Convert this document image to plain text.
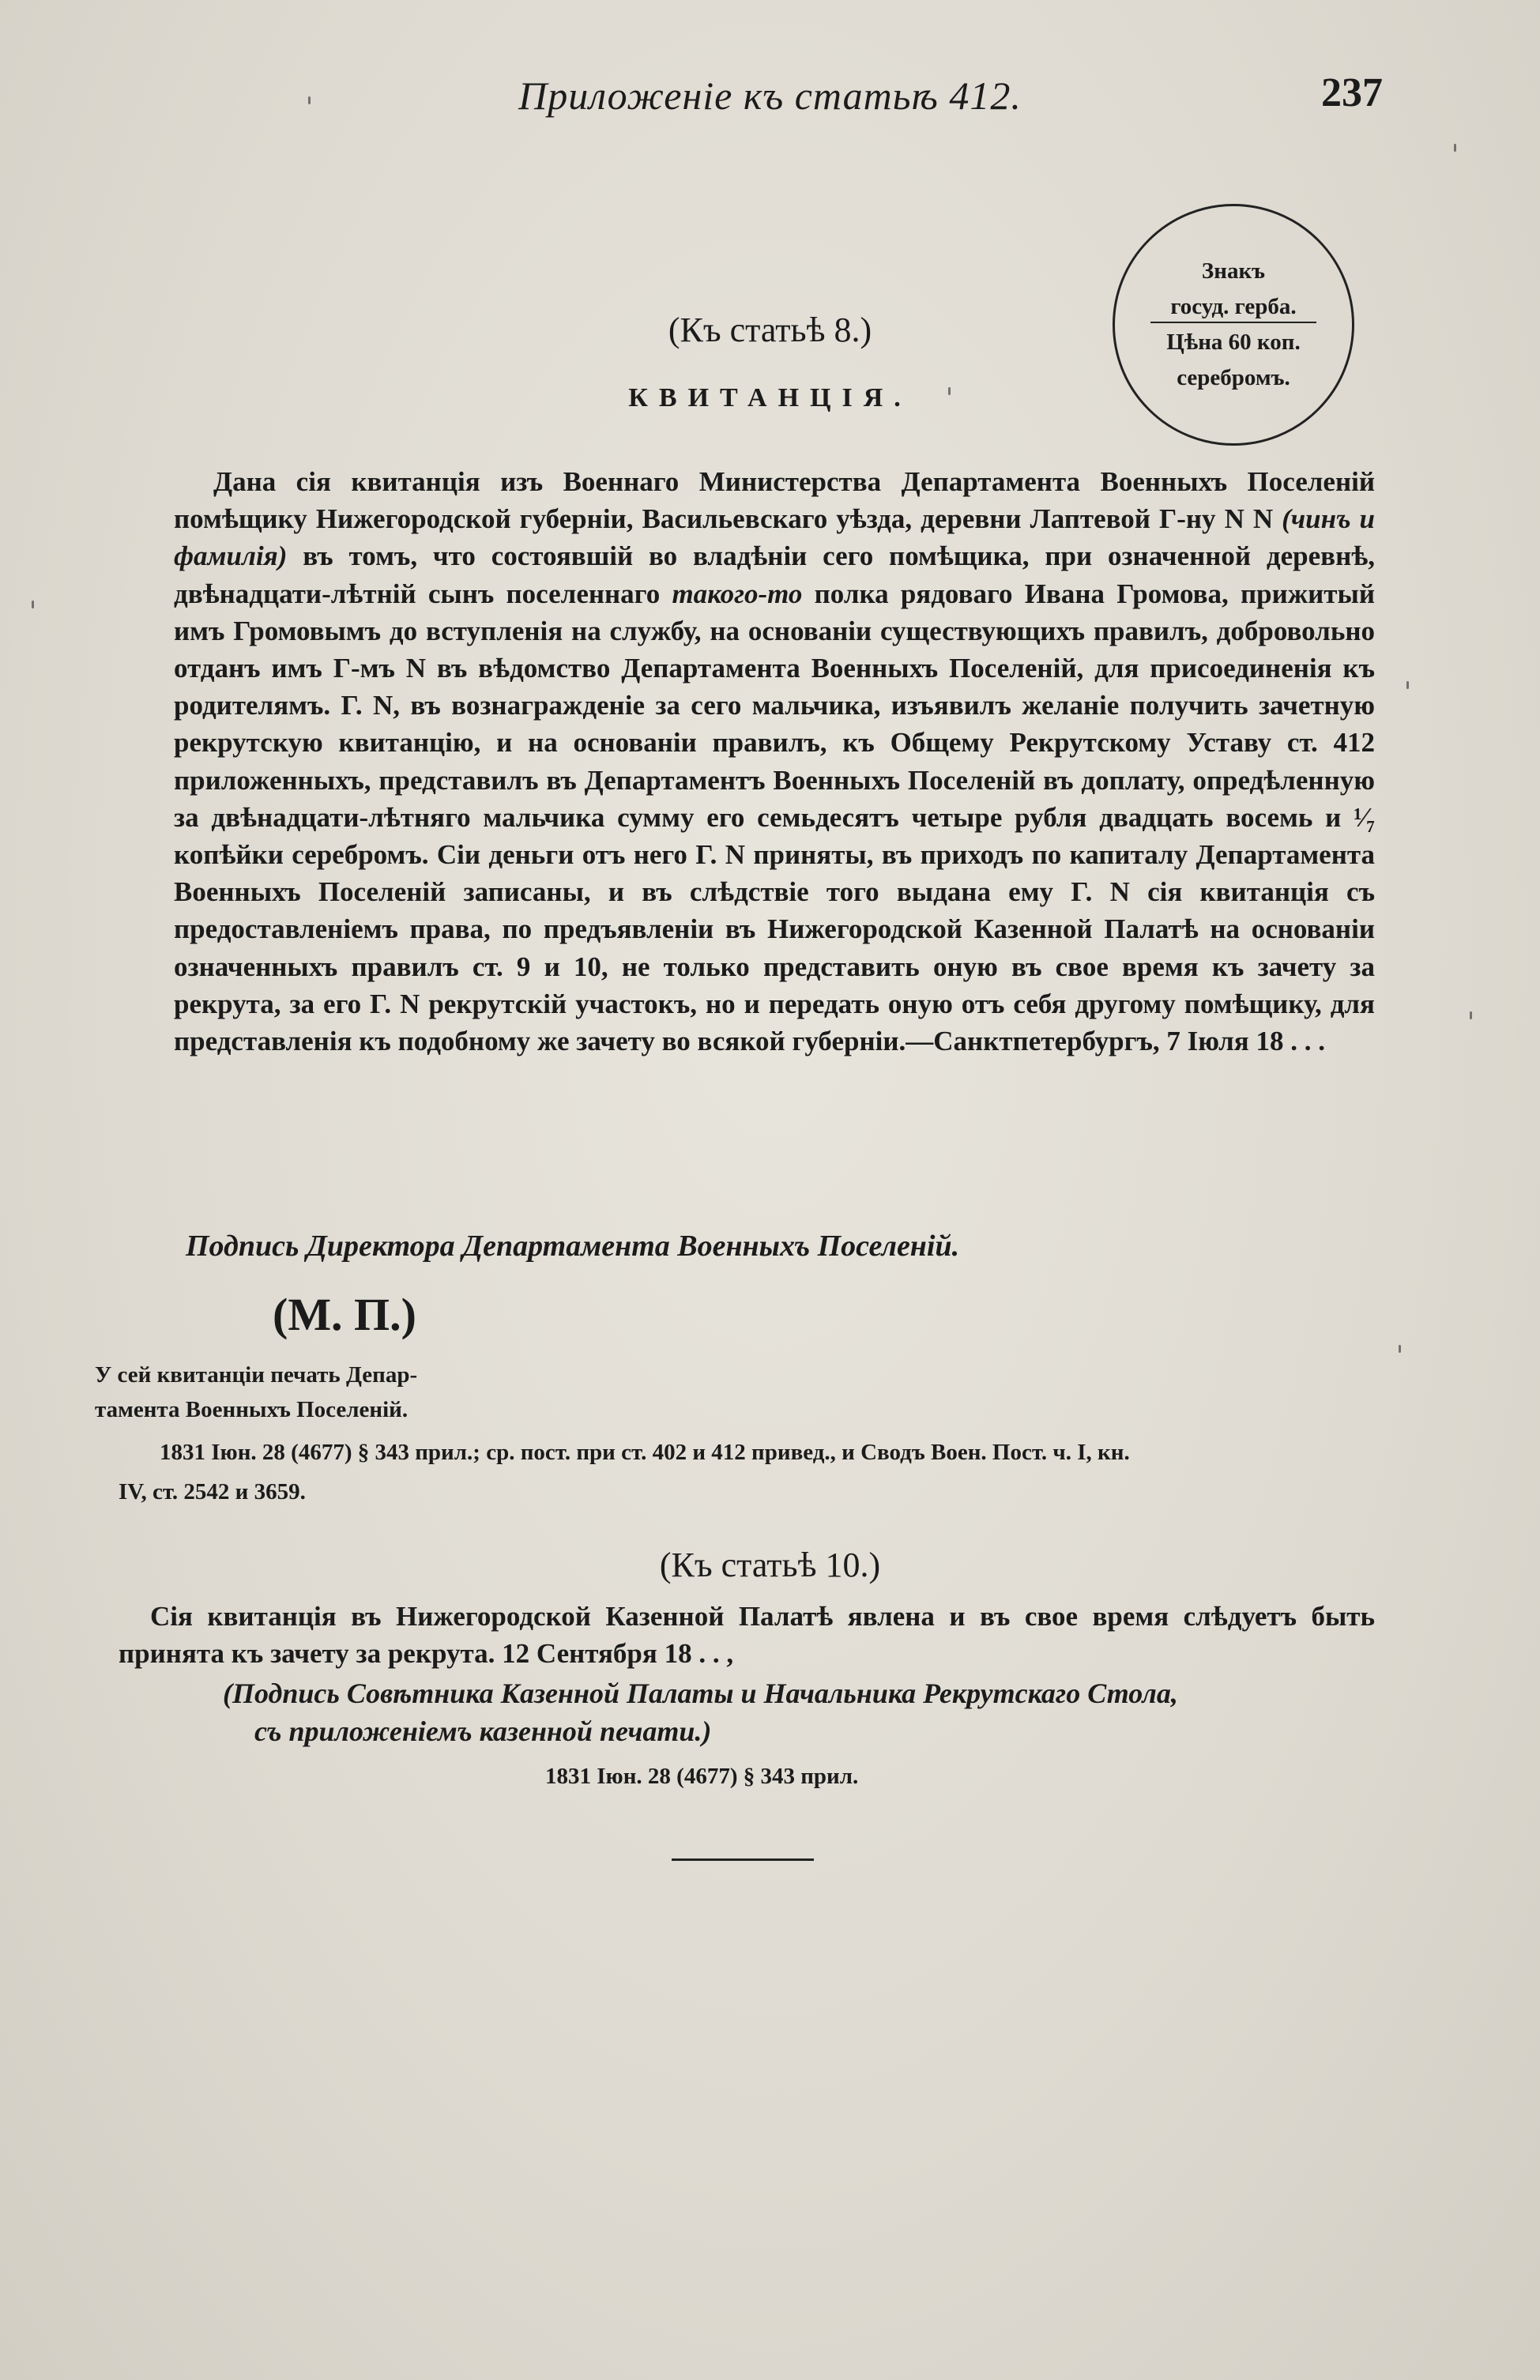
Приложеніе къ статьѣ 412.	237
Знакъ
госуд. герба.
Цѣна 60 коп.
серебромъ.
(Къ статьѣ 8.)
КВИТАНЦІЯ.
Дана сія квитанція изъ Военнаго Министерства Департамента Военныхъ Поселеній помѣщику Нижегородской губерніи, Васильевскаго уѣзда, деревни Лаптевой Г-ну N N (чинъ и фамилія) въ томъ, что состоявшій во владѣніи сего помѣщика, при означенной деревнѣ, двѣнадцати-лѣтній сынъ поселеннаго такого-то полка рядоваго Ивана Громова, прижитый имъ Громовымъ до вступленія на службу, на основаніи существующихъ правилъ, добровольно отданъ имъ Г-мъ N въ вѣдомство Департамента Военныхъ Поселеній, для присоединенія къ родителямъ. Г. N, въ вознагражденіе за сего мальчика, изъявилъ желаніе получить зачетную рекрутскую квитанцію, и на основаніи правилъ, къ Общему Рекрутскому Уставу ст. 412 приложенныхъ, представилъ въ Департаментъ Военныхъ Поселеній въ доплату, опредѣленную за двѣнадцати-лѣтняго мальчика сумму его семьдесятъ четыре рубля двадцать восемь и ¹⁄₇ копѣйки серебромъ. Сіи деньги отъ него Г. N приняты, въ приходъ по капиталу Департамента Военныхъ Поселеній записаны, и въ слѣдствіе того выдана ему Г. N сія квитанція съ предоставленіемъ права, по предъявленіи въ Нижегородской Казенной Палатѣ на основаніи означенныхъ правилъ ст. 9 и 10, не только представить оную въ свое время къ зачету за рекрута, за его Г. N рекрутскій участокъ, но и передать оную отъ себя другому помѣщику, для представленія къ подобному же зачету во всякой губерніи.—Санктпетербургъ, 7 Іюля 18 . . .
Подпись Директора Департамента Военныхъ Поселеній.
(М. П.)
У сей квитанціи печать Депар-
тамента Военныхъ Поселеній.
1831 Іюн. 28 (4677) § 343 прил.; ср. пост. при ст. 402 и 412 привед., и Сводъ Воен. Пост. ч. I, кн.
IV, ст. 2542 и 3659.
(Къ статьѣ 10.)
Сія квитанція въ Нижегородской Казенной Палатѣ явлена и въ свое время слѣдуетъ быть принята къ зачету за рекрута. 12 Сентября 18 . . ,
(Подпись Совѣтника Казенной Палаты и Начальника Рекрутскаго Стола,
съ приложеніемъ казенной печати.)
1831 Іюн. 28 (4677) § 343 прил.
